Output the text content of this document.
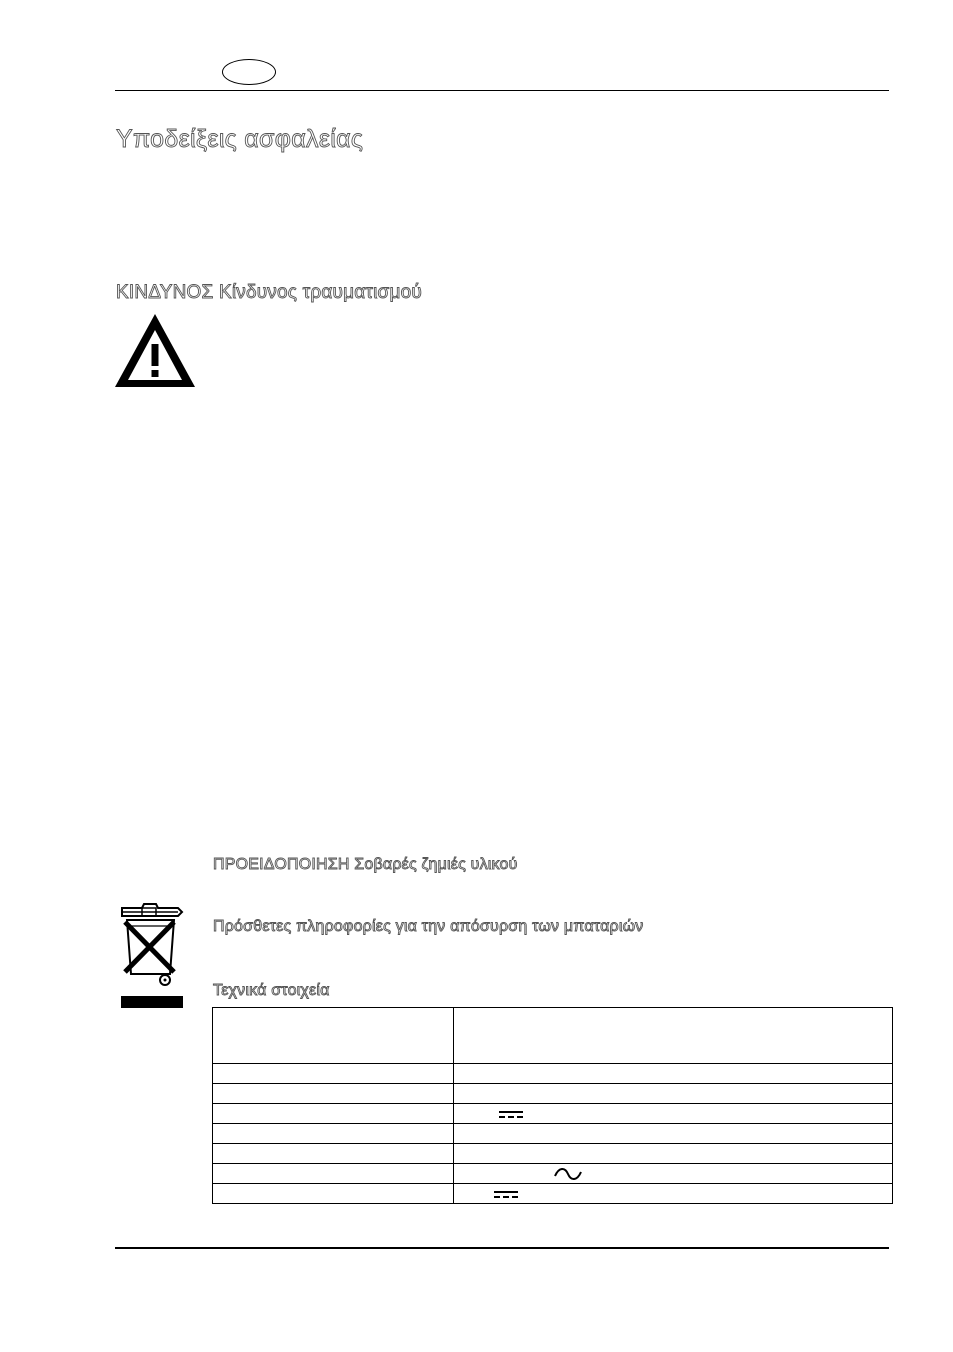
Υποδείξεις ασφαλείας
ΚΙΝΔΥΝΟΣ Κίνδυνος τραυματισμού
ΠΡΟΕΙΔΟΠΟΙΗΣΗ Σοβαρές ζημιές υλικού
Πρόσθετες πληροφορίες για την απόσυρση των μπαταριών
Τεχνικά στοιχεία
